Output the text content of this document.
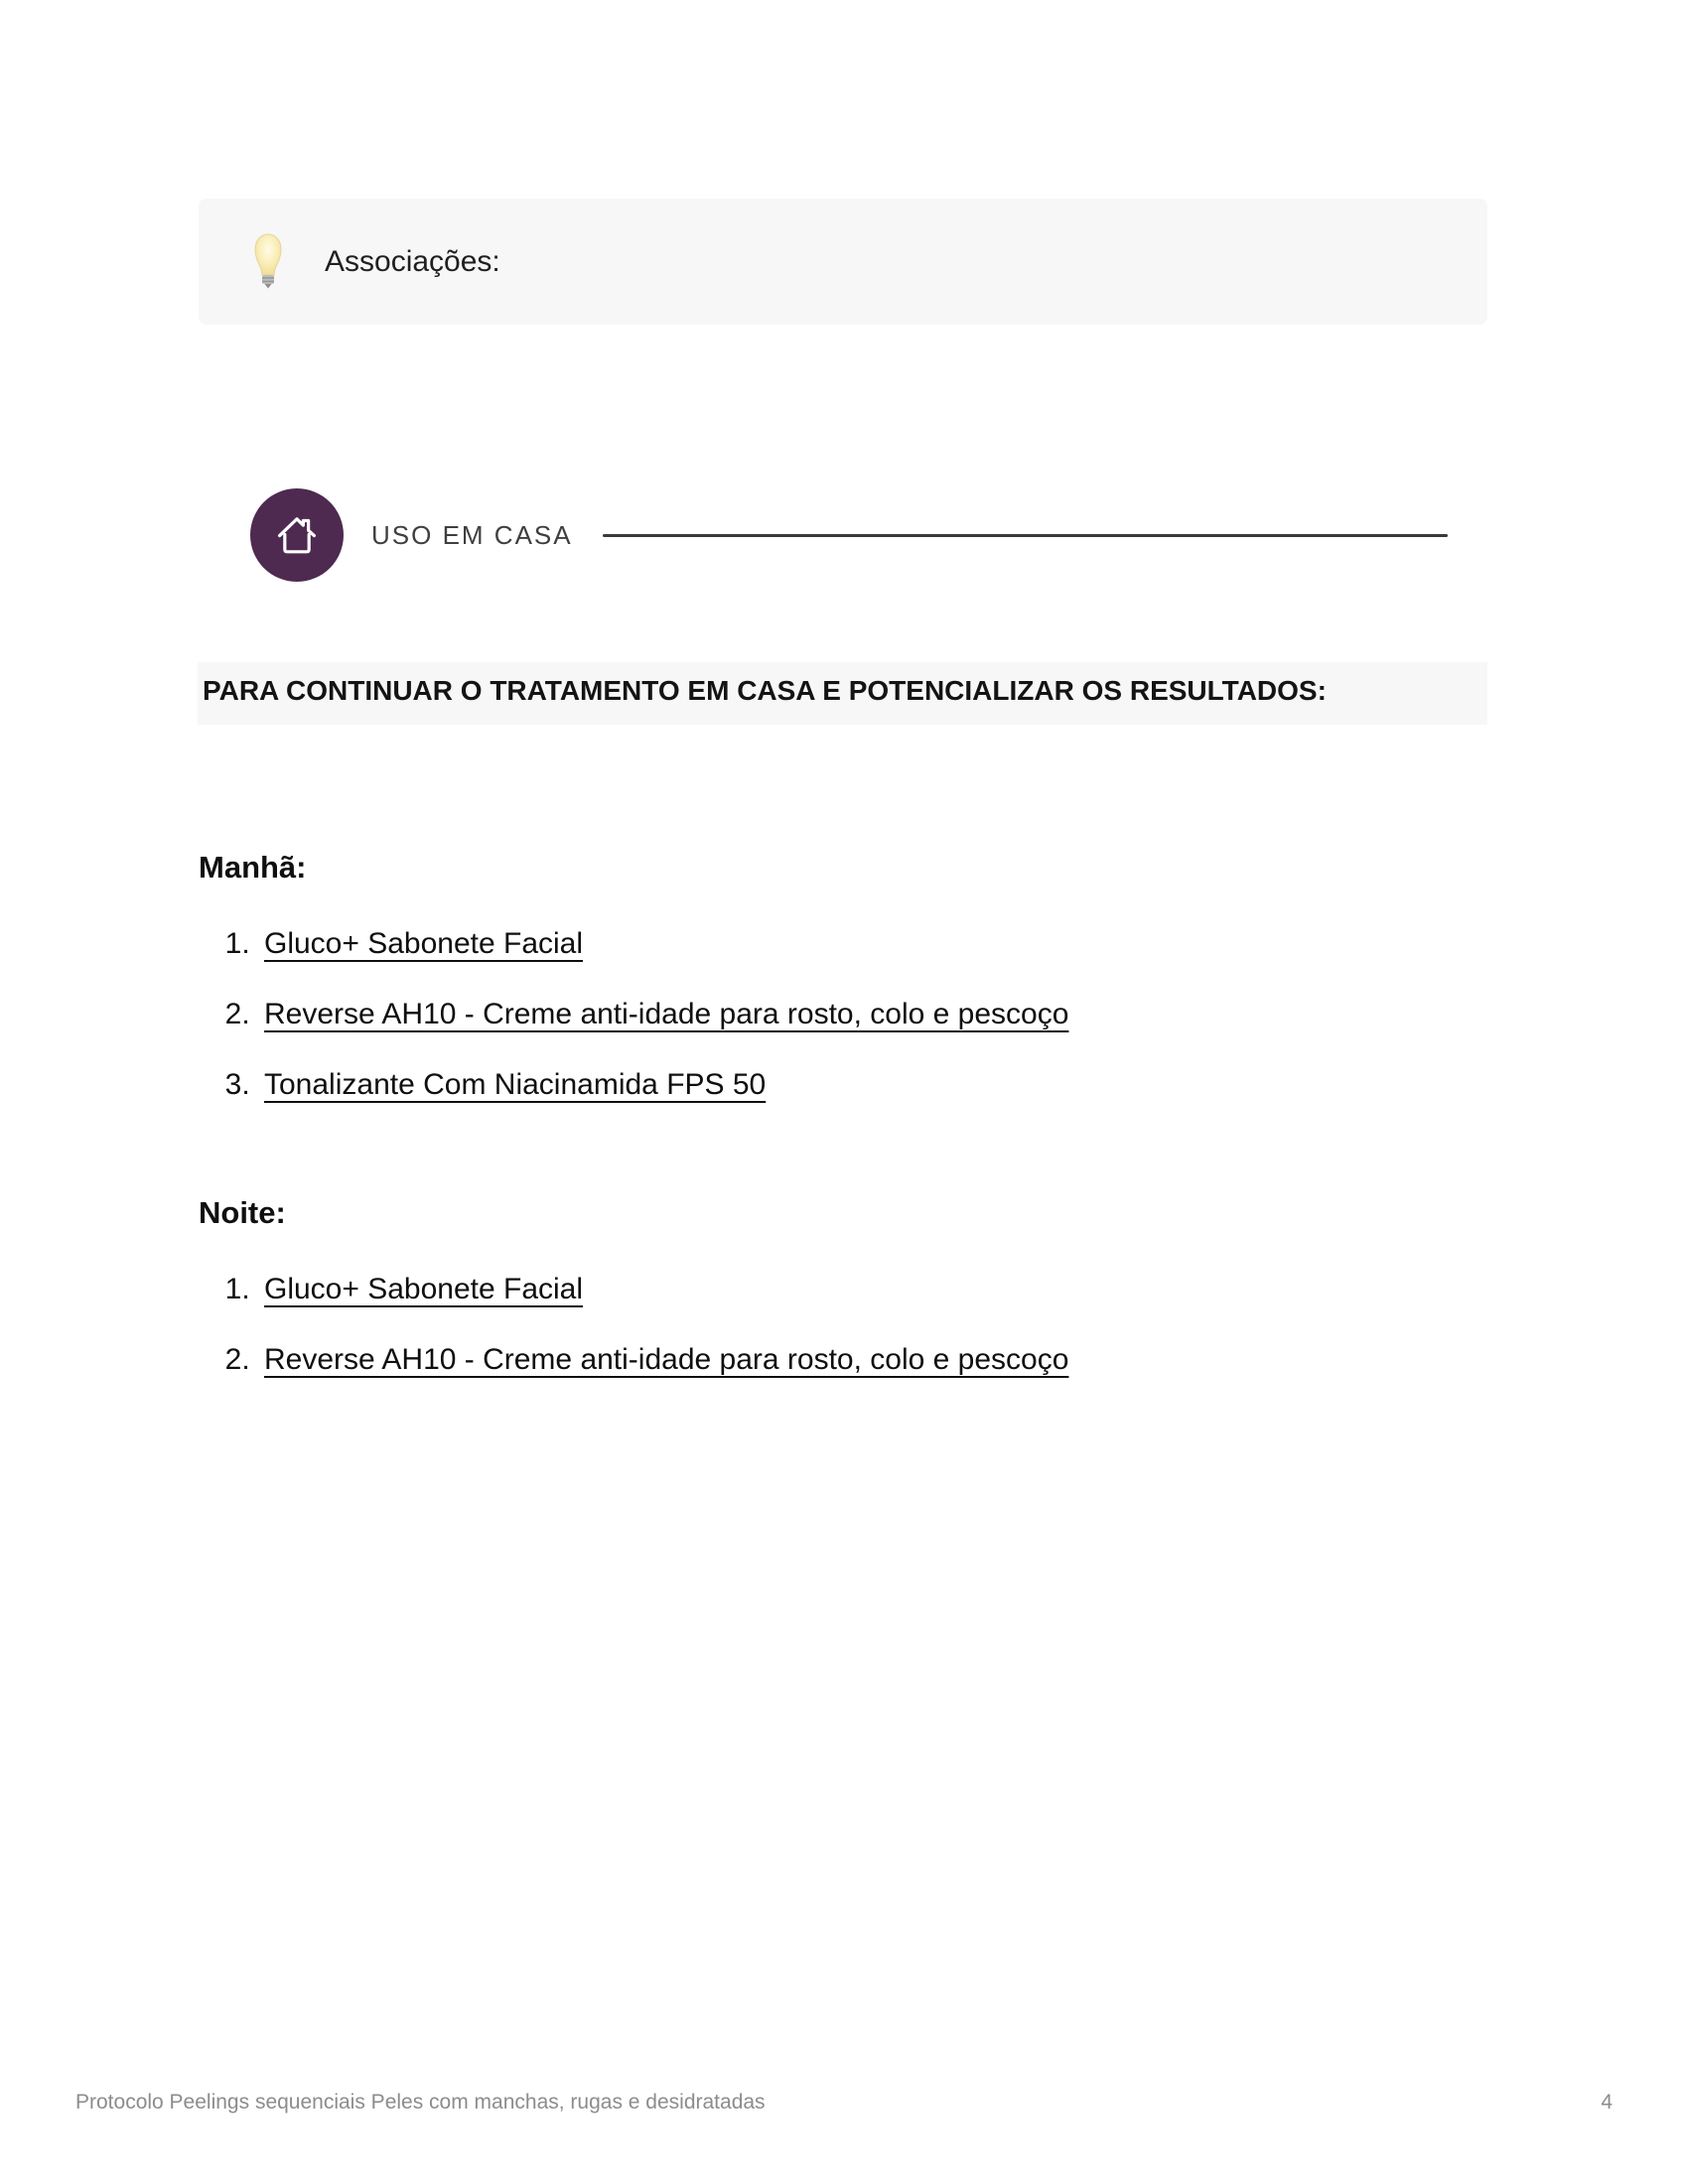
Associações:
USO EM CASA
PARA CONTINUAR O TRATAMENTO EM CASA E POTENCIALIZAR OS RESULTADOS:
Manhã:
1. Gluco+ Sabonete Facial
2. Reverse AH10 - Creme anti-idade para rosto, colo e pescoço
3. Tonalizante Com Niacinamida FPS 50
Noite:
1. Gluco+ Sabonete Facial
2. Reverse AH10 - Creme anti-idade para rosto, colo e pescoço
Protocolo Peelings sequenciais Peles com manchas, rugas e desidratadas	4
